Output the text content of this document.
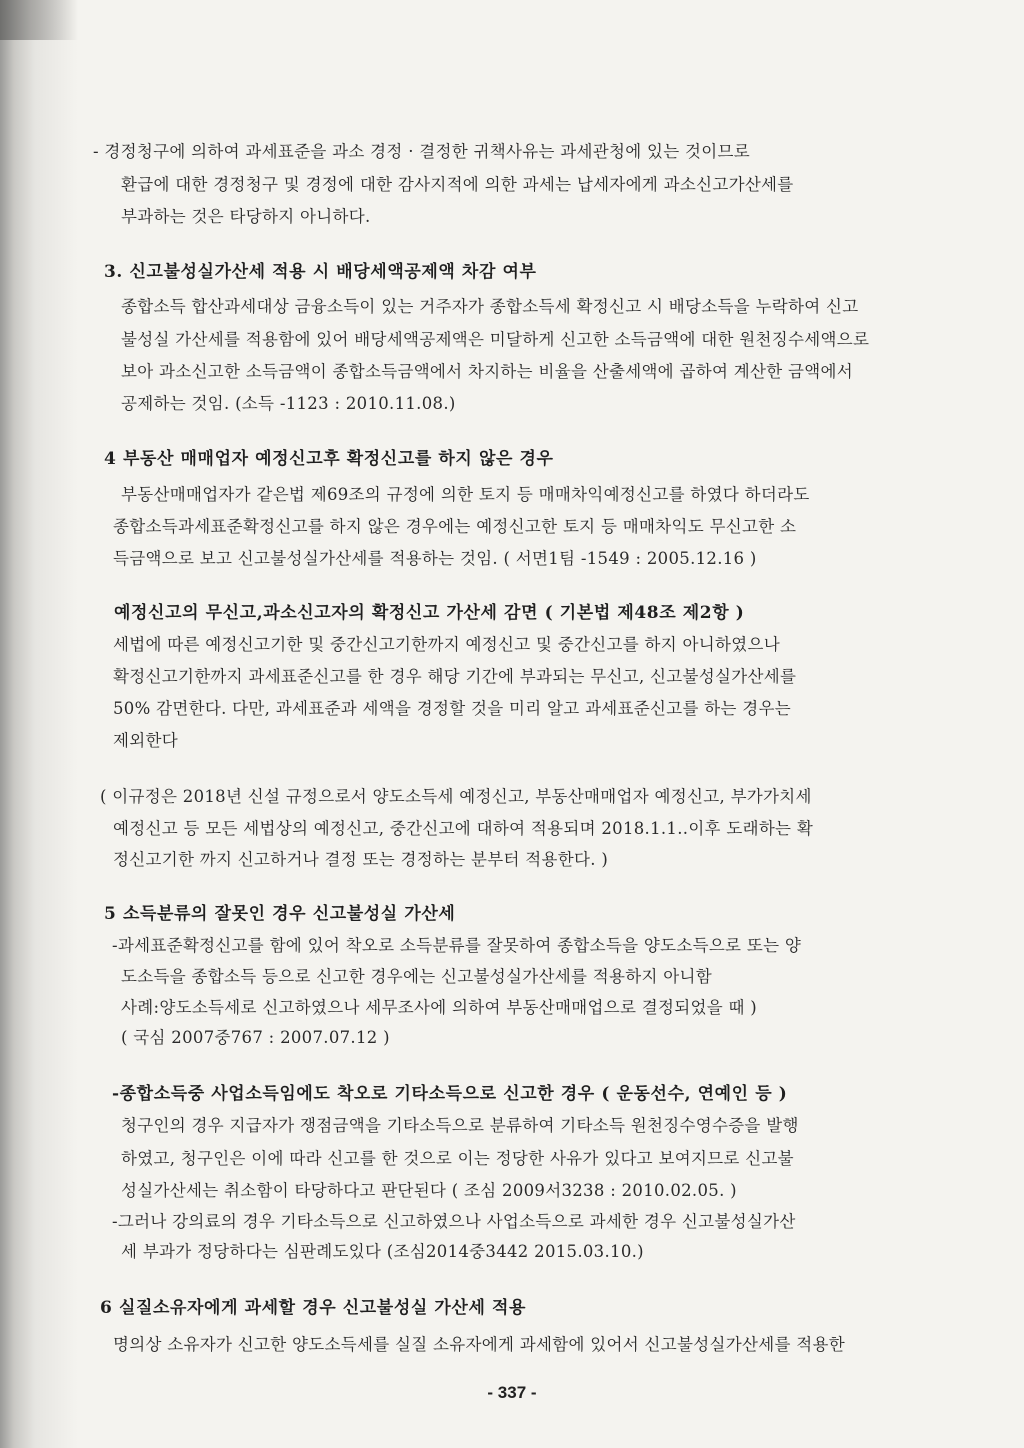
- 경정청구에 의하여 과세표준을 과소 경정 · 결정한 귀책사유는 과세관청에 있는 것이므로
환급에 대한 경정청구 및 경정에 대한 감사지적에 의한 과세는 납세자에게 과소신고가산세를
부과하는 것은 타당하지 아니하다.
3. 신고불성실가산세 적용 시 배당세액공제액 차감 여부
종합소득 합산과세대상 금융소득이 있는 거주자가 종합소득세 확정신고 시 배당소득을 누락하여 신고
불성실 가산세를 적용함에 있어 배당세액공제액은 미달하게 신고한 소득금액에 대한 원천징수세액으로
보아 과소신고한 소득금액이 종합소득금액에서 차지하는 비율을 산출세액에 곱하여 계산한 금액에서
공제하는 것임. (소득 -1123 : 2010.11.08.)
4 부동산 매매업자 예정신고후 확정신고를 하지 않은 경우
부동산매매업자가 같은법 제69조의 규정에 의한 토지 등 매매차익예정신고를 하였다 하더라도
종합소득과세표준확정신고를 하지 않은 경우에는 예정신고한 토지 등 매매차익도 무신고한 소
득금액으로 보고 신고불성실가산세를 적용하는 것임. ( 서면1팀 -1549 : 2005.12.16 )
예정신고의 무신고,과소신고자의 확정신고 가산세 감면 ( 기본법 제48조 제2항 )
세법에 따른 예정신고기한 및 중간신고기한까지 예정신고 및 중간신고를 하지 아니하였으나
확정신고기한까지 과세표준신고를 한 경우 해당 기간에 부과되는 무신고, 신고불성실가산세를
50% 감면한다. 다만, 과세표준과 세액을 경정할 것을 미리 알고 과세표준신고를 하는 경우는
제외한다
( 이규정은 2018년 신설 규정으로서 양도소득세 예정신고, 부동산매매업자 예정신고, 부가가치세
예정신고 등 모든 세법상의 예정신고, 중간신고에 대하여 적용되며 2018.1.1..이후 도래하는 확
정신고기한 까지 신고하거나 결정 또는 경정하는 분부터 적용한다. )
5 소득분류의 잘못인 경우 신고불성실 가산세
-과세표준확정신고를 함에 있어 착오로 소득분류를 잘못하여 종합소득을 양도소득으로 또는 양
도소득을 종합소득 등으로 신고한 경우에는 신고불성실가산세를 적용하지 아니함
사례:양도소득세로 신고하였으나 세무조사에 의하여 부동산매매업으로 결정되었을 때 )
( 국심 2007중767 : 2007.07.12 )
-종합소득중 사업소득임에도 착오로 기타소득으로 신고한 경우 ( 운동선수, 연예인 등 )
청구인의 경우 지급자가 쟁점금액을 기타소득으로 분류하여 기타소득 원천징수영수증을 발행
하였고, 청구인은 이에 따라 신고를 한 것으로 이는 정당한 사유가 있다고 보여지므로 신고불
성실가산세는 취소함이 타당하다고 판단된다 ( 조심 2009서3238 : 2010.02.05. )
-그러나 강의료의 경우 기타소득으로 신고하였으나 사업소득으로 과세한 경우 신고불성실가산
세 부과가 정당하다는 심판례도있다 (조심2014중3442 2015.03.10.)
6 실질소유자에게 과세할 경우 신고불성실 가산세 적용
명의상 소유자가 신고한 양도소득세를 실질 소유자에게 과세함에 있어서 신고불성실가산세를 적용한
- 337 -
